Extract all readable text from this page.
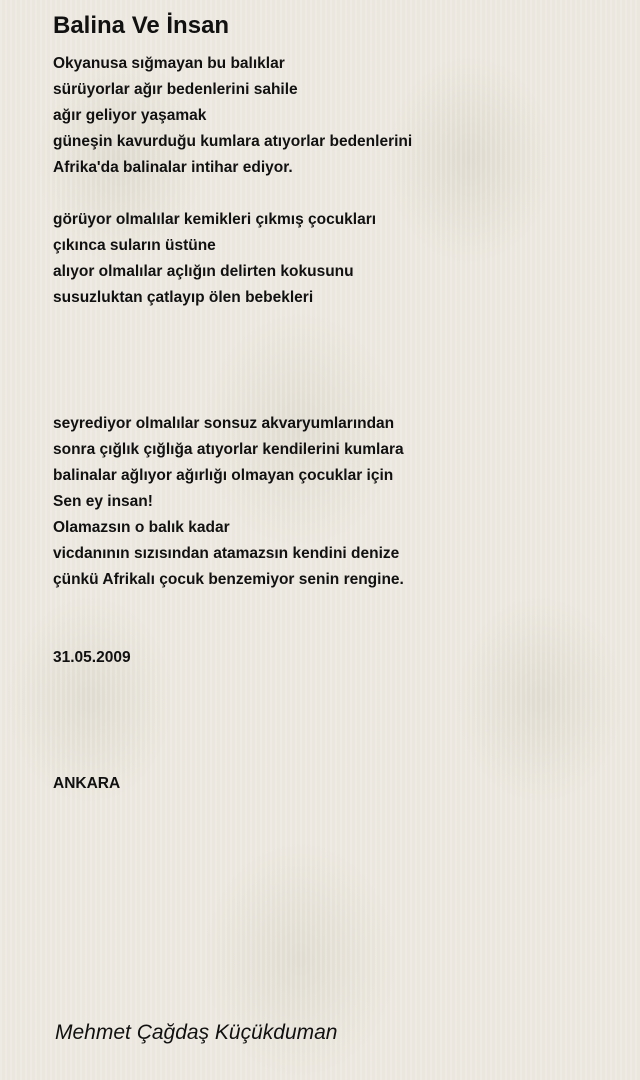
Balina Ve İnsan

Okyanusa sığmayan bu balıklar

sürüyorlar ağır bedenlerini sahile

ağır geliyor yaşamak

güneşin kavurduğu kumlara atıyorlar bedenlerini

Afrika'da balinalar intihar ediyor.

görüyor olmalılar kemikleri çıkmış çocukları

çıkınca suların üstüne

alıyor olmalılar açlığın delirten kokusunu

susuzluktan çatlayıp ölen bebekleri

seyrediyor olmalılar sonsuz akvaryumlarından

sonra çığlık çığlığa atıyorlar kendilerini kumlara

balinalar ağlıyor ağırlığı olmayan çocuklar için

Sen ey insan!

Olamazsın o balık kadar

vicdanının sızısından atamazsın kendini denize

çünkü Afrikalı çocuk benzemiyor senin rengine.

31.05.2009

ANKARA

Mehmet Çağdaş Küçükduman
